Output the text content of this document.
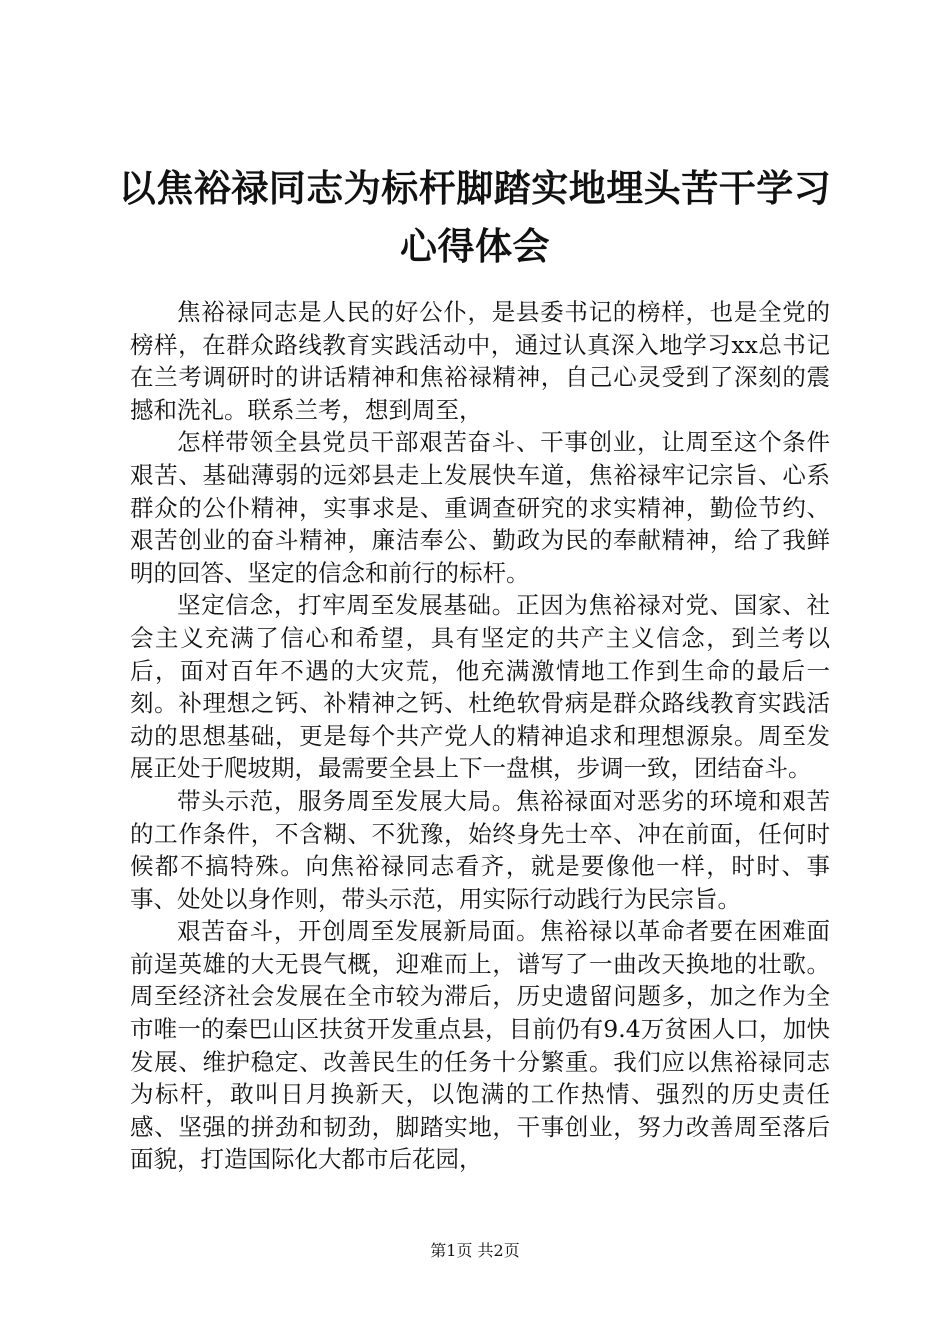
以焦裕禄同志为标杆脚踏实地埋头苦干学习心得体会

焦裕禄同志是人民的好公仆，是县委书记的榜样，也是全党的榜样，在群众路线教育实践活动中，通过认真深入地学习xx总书记在兰考调研时的讲话精神和焦裕禄精神，自己心灵受到了深刻的震撼和洗礼。联系兰考，想到周至，

怎样带领全县党员干部艰苦奋斗、干事创业，让周至这个条件艰苦、基础薄弱的远郊县走上发展快车道，焦裕禄牢记宗旨、心系群众的公仆精神，实事求是、重调查研究的求实精神，勤俭节约、艰苦创业的奋斗精神，廉洁奉公、勤政为民的奉献精神，给了我鲜明的回答、坚定的信念和前行的标杆。

坚定信念，打牢周至发展基础。正因为焦裕禄对党、国家、社会主义充满了信心和希望，具有坚定的共产主义信念，到兰考以后，面对百年不遇的大灾荒，他充满激情地工作到生命的最后一刻。补理想之钙、补精神之钙、杜绝软骨病是群众路线教育实践活动的思想基础，更是每个共产党人的精神追求和理想源泉。周至发展正处于爬坡期，最需要全县上下一盘棋，步调一致，团结奋斗。

带头示范，服务周至发展大局。焦裕禄面对恶劣的环境和艰苦的工作条件，不含糊、不犹豫，始终身先士卒、冲在前面，任何时候都不搞特殊。向焦裕禄同志看齐，就是要像他一样，时时、事事、处处以身作则，带头示范，用实际行动践行为民宗旨。

艰苦奋斗，开创周至发展新局面。焦裕禄以革命者要在困难面前逞英雄的大无畏气概，迎难而上，谱写了一曲改天换地的壮歌。周至经济社会发展在全市较为滞后，历史遗留问题多，加之作为全市唯一的秦巴山区扶贫开发重点县，目前仍有9.4万贫困人口，加快发展、维护稳定、改善民生的任务十分繁重。我们应以焦裕禄同志为标杆，敢叫日月换新天，以饱满的工作热情、强烈的历史责任感、坚强的拼劲和韧劲，脚踏实地，干事创业，努力改善周至落后面貌，打造国际化大都市后花园，

第1页 共2页
